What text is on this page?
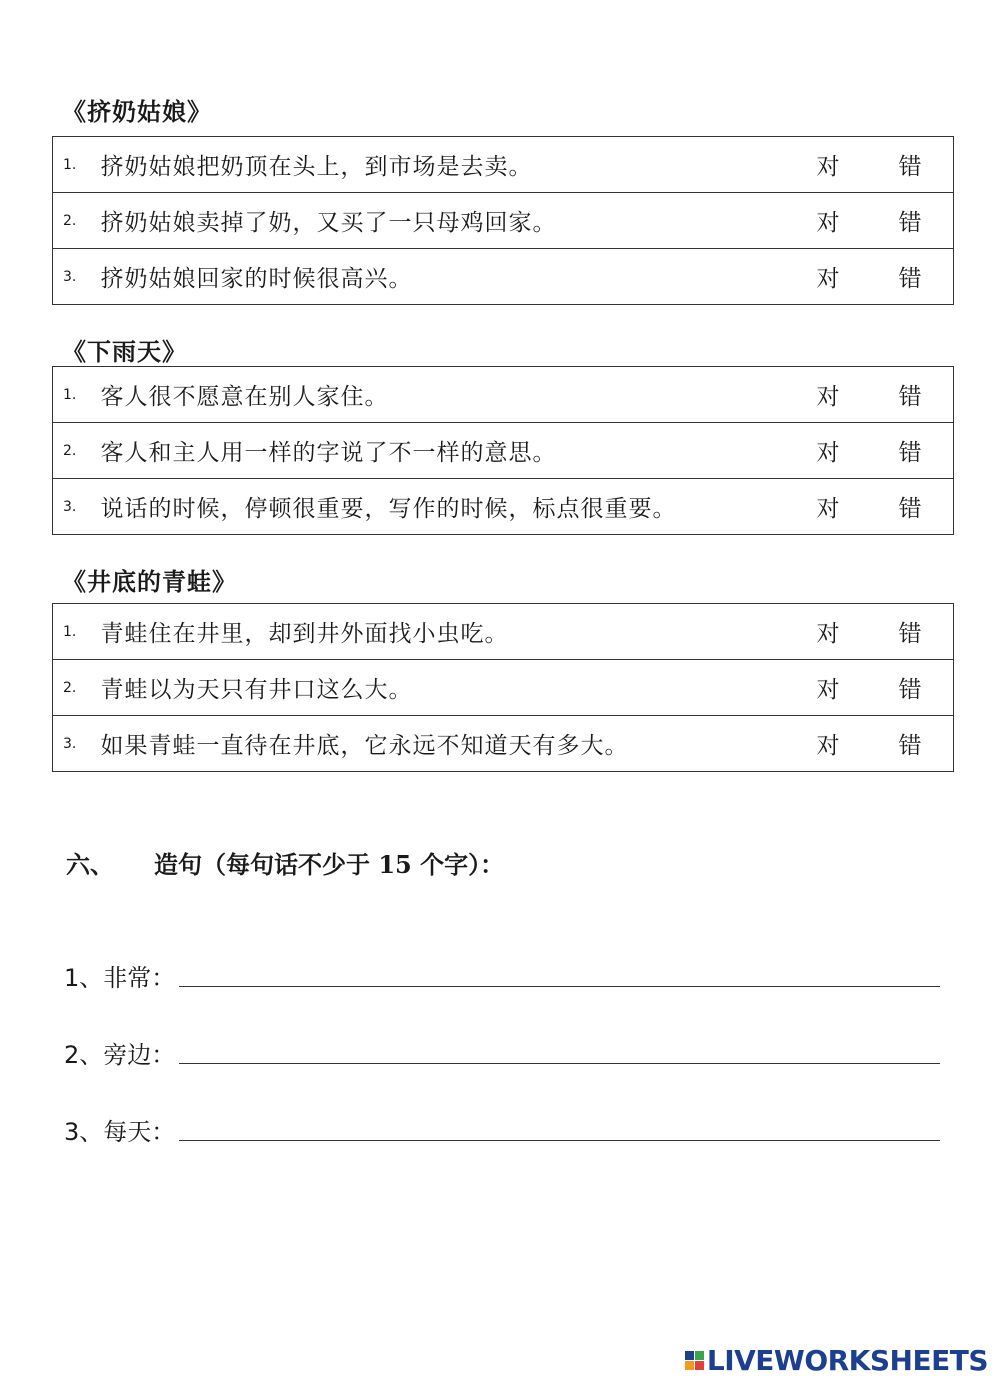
《挤奶姑娘》
1.	挤奶姑娘把奶顶在头上，到市场是去卖。	对	错
2.	挤奶姑娘卖掉了奶，又买了一只母鸡回家。	对	错
3.	挤奶姑娘回家的时候很高兴。	对	错
《下雨天》
1.	客人很不愿意在别人家住。	对	错
2.	客人和主人用一样的字说了不一样的意思。	对	错
3.	说话的时候，停顿很重要，写作的时候，标点很重要。	对	错
《井底的青蛙》
1.	青蛙住在井里，却到井外面找小虫吃。	对	错
2.	青蛙以为天只有井口这么大。	对	错
3.	如果青蛙一直待在井底，它永远不知道天有多大。	对	错
六、 造句（每句话不少于 15 个字）：
1、非常：
2、旁边：
3、每天：
LIVEWORKSHEETS
